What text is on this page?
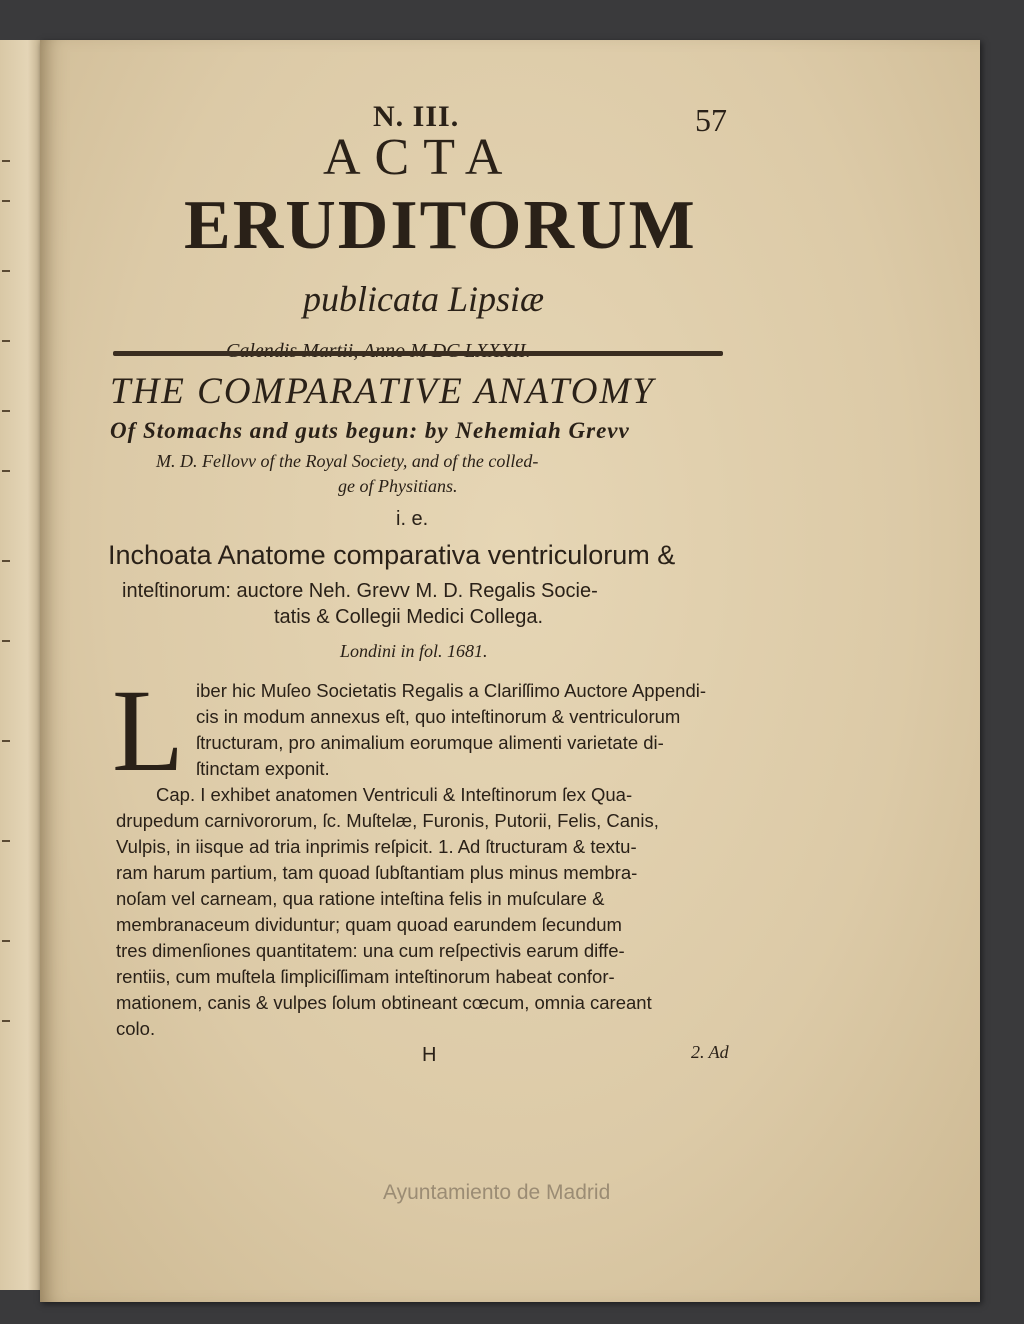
N. III.	57
ACTA
ERUDITORUM
publicata Lipsiæ
THE COMPARATIVE ANATOMY
Of Stomachs and guts begun: by Nehemiah Grevv
M. D. Fellovv of the Royal Society, and of the colled-
ge of Physitians.
i. e.
Inchoata Anatome comparativa ventriculorum &
inteſtinorum: auctore Neh. Grevv M. D. Regalis Socie-
tatis & Collegii Medici Collega.
Londini in fol. 1681.
L iber hic Muſeo Societatis Regalis a Clariſſimo Auctore Appendi-
cis in modum annexus eſt, quo inteſtinorum & ventriculorum
ſtructuram, pro animalium eorumque alimenti varietate di-
ſtinctam exponit.
Cap. I exhibet anatomen Ventriculi & Inteſtinorum ſex Qua-
drupedum carnivororum, ſc. Muſtelæ, Furonis, Putorii, Felis, Canis,
Vulpis, in iisque ad tria inprimis reſpicit. 1. Ad ſtructuram & textu-
ram harum partium, tam quoad ſubſtantiam plus minus membra-
noſam vel carneam, qua ratione inteſtina felis in muſculare &
membranaceum dividuntur; quam quoad earundem ſecundum
tres dimenſiones quantitatem: una cum reſpectivis earum diffe-
rentiis, cum muſtela ſimpliciſſimam inteſtinorum habeat confor-
mationem, canis & vulpes ſolum obtineant cœcum, omnia careant
colo.
H	2. Ad
Ayuntamiento de Madrid
